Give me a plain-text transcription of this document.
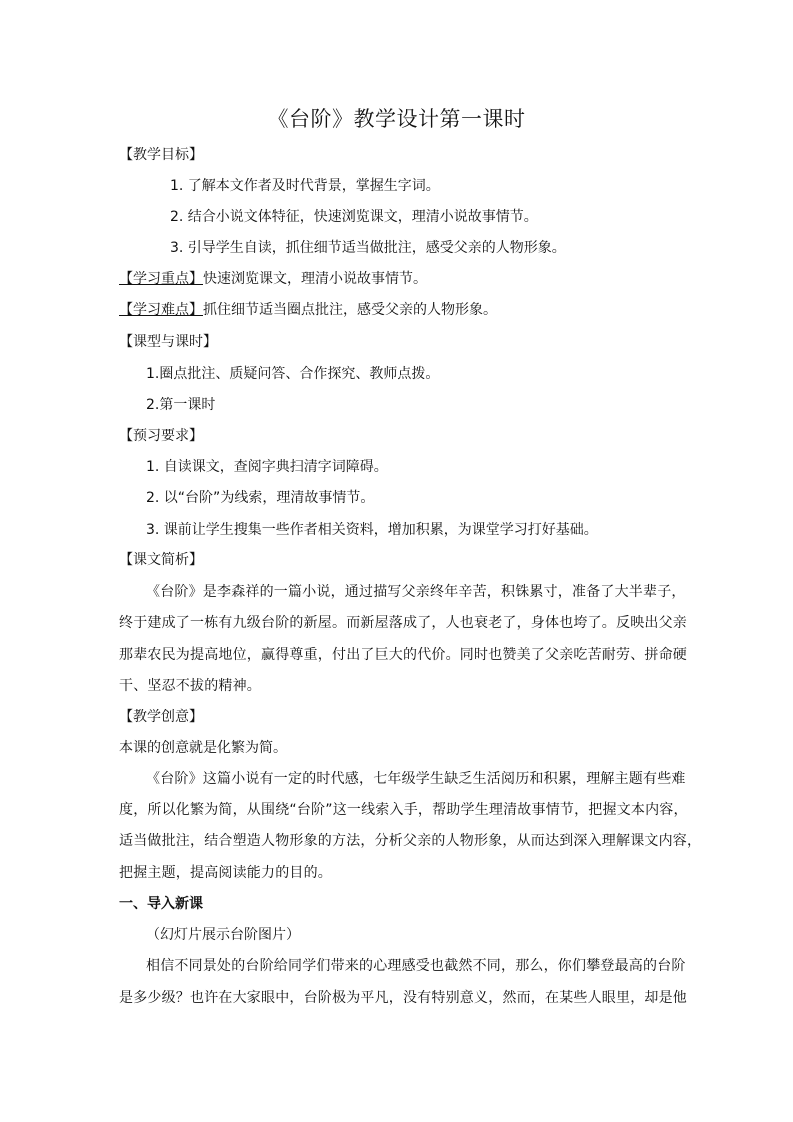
《台阶》教学设计第一课时
【教学目标】
1. 了解本文作者及时代背景，掌握生字词。
2. 结合小说文体特征，快速浏览课文，理清小说故事情节。
3. 引导学生自读，抓住细节适当做批注，感受父亲的人物形象。
【学习重点】快速浏览课文，理清小说故事情节。
【学习难点】抓住细节适当圈点批注，感受父亲的人物形象。
【课型与课时】
1.圈点批注、质疑问答、合作探究、教师点拨。
2.第一课时
【预习要求】
1. 自读课文，查阅字典扫清字词障碍。
2. 以“台阶”为线索，理清故事情节。
3. 课前让学生搜集一些作者相关资料，增加积累，为课堂学习打好基础。
【课文简析】
《台阶》是李森祥的一篇小说，通过描写父亲终年辛苦，积铢累寸，准备了大半辈子，
终于建成了一栋有九级台阶的新屋。而新屋落成了，人也衰老了，身体也垮了。反映出父亲
那辈农民为提高地位，赢得尊重，付出了巨大的代价。同时也赞美了父亲吃苦耐劳、拼命硬
干、坚忍不拔的精神。
【教学创意】
本课的创意就是化繁为简。
《台阶》这篇小说有一定的时代感，七年级学生缺乏生活阅历和积累，理解主题有些难
度，所以化繁为简，从围绕“台阶”这一线索入手，帮助学生理清故事情节，把握文本内容，
适当做批注，结合塑造人物形象的方法，分析父亲的人物形象，从而达到深入理解课文内容，
把握主题，提高阅读能力的目的。
一、导入新课
（幻灯片展示台阶图片）
相信不同景处的台阶给同学们带来的心理感受也截然不同，那么，你们攀登最高的台阶
是多少级？也许在大家眼中，台阶极为平凡，没有特别意义，然而，在某些人眼里，却是他
